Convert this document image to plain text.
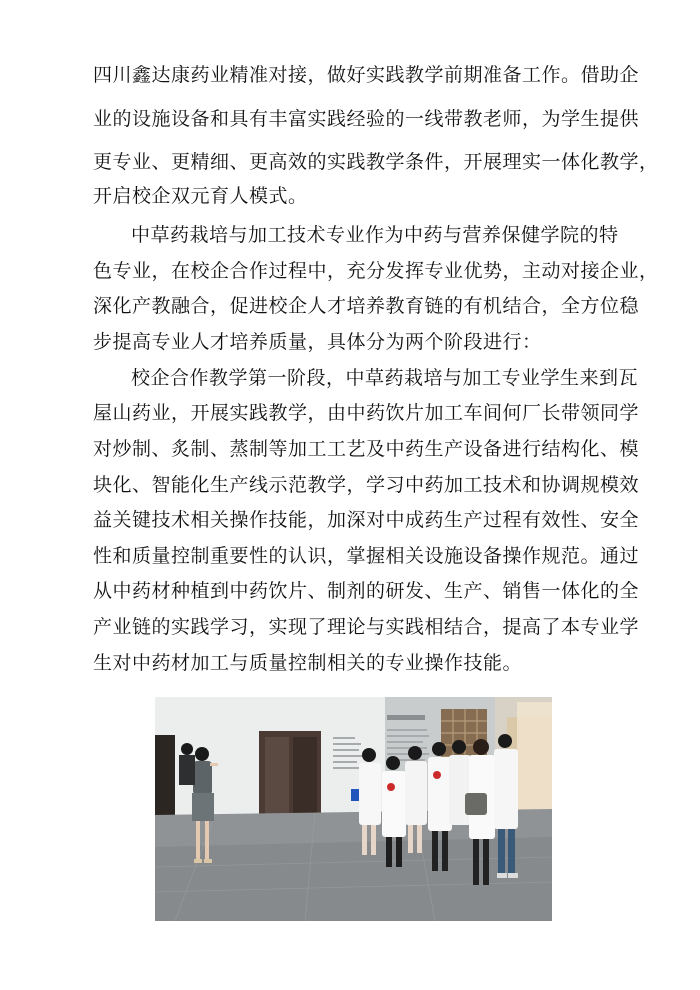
四川鑫达康药业精准对接，做好实践教学前期准备工作。借助企
业的设施设备和具有丰富实践经验的一线带教老师，为学生提供
更专业、更精细、更高效的实践教学条件，开展理实一体化教学，
开启校企双元育人模式。
中草药栽培与加工技术专业作为中药与营养保健学院的特
色专业，在校企合作过程中，充分发挥专业优势，主动对接企业，
深化产教融合，促进校企人才培养教育链的有机结合，全方位稳
步提高专业人才培养质量，具体分为两个阶段进行：
校企合作教学第一阶段，中草药栽培与加工专业学生来到瓦
屋山药业，开展实践教学，由中药饮片加工车间何厂长带领同学
对炒制、炙制、蒸制等加工工艺及中药生产设备进行结构化、模
块化、智能化生产线示范教学，学习中药加工技术和协调规模效
益关键技术相关操作技能，加深对中成药生产过程有效性、安全
性和质量控制重要性的认识，掌握相关设施设备操作规范。通过
从中药材种植到中药饮片、制剂的研发、生产、销售一体化的全
产业链的实践学习，实现了理论与实践相结合，提高了本专业学
生对中药材加工与质量控制相关的专业操作技能。
